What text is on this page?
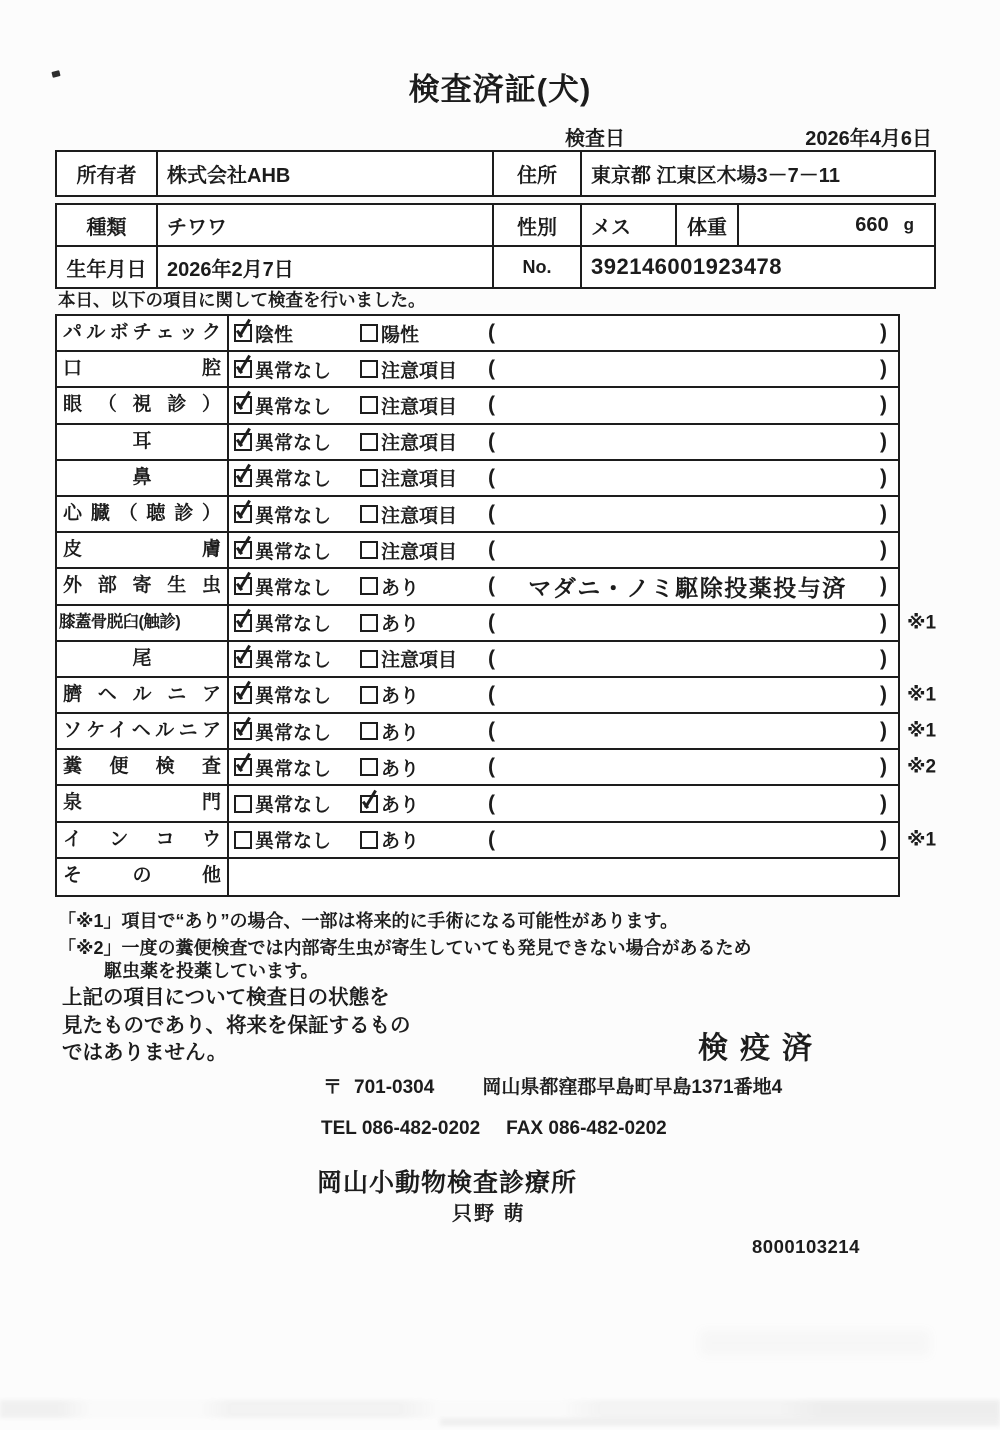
検査済証(犬)
検査日	2026年4月6日
所有者	株式会社AHB	住所	東京都 江東区木場3－7－11
種類	チワワ	性別	メス	体重	660 g
生年月日	2026年2月7日	No.	392146001923478
本日、以下の項目に関して検査を行いました。
パルボチェック	陰性	陽性	(	)
口腔	異常なし	注意項目 (	)
眼（視診）	異常なし	注意項目 (	)
耳	異常なし	注意項目 (	)
鼻	異常なし	注意項目 (	)
心臓（聴診）	異常なし	注意項目 (	)
皮膚	異常なし	注意項目 (	)
外部寄生虫	異常なし	あり	(	マダニ・ノミ駆除投薬投与済	)
膝蓋骨脱臼(触診)	異常なし	あり	(	) ※1
尾	異常なし	注意項目 (	)
臍ヘルニア	異常なし	あり	(	) ※1
ソケイヘルニア	異常なし	あり	(	) ※1
糞便検査	異常なし	あり	(	) ※2
泉門	異常なし	あり	(	)
インコウ	異常なし	あり	(	) ※1
その他
「※1」項目で“あり”の場合、一部は将来的に手術になる可能性があります。
「※2」一度の糞便検査では内部寄生虫が寄生していても発見できない場合があるため
駆虫薬を投薬しています。
上記の項目について検査日の状態を
見たものであり、将来を保証するもの
ではありません。	検疫済
〒 701-0304	岡山県都窪郡早島町早島1371番地4
TEL 086-482-0202 FAX 086-482-0202
岡山小動物検査診療所
只野 萌
8000103214
